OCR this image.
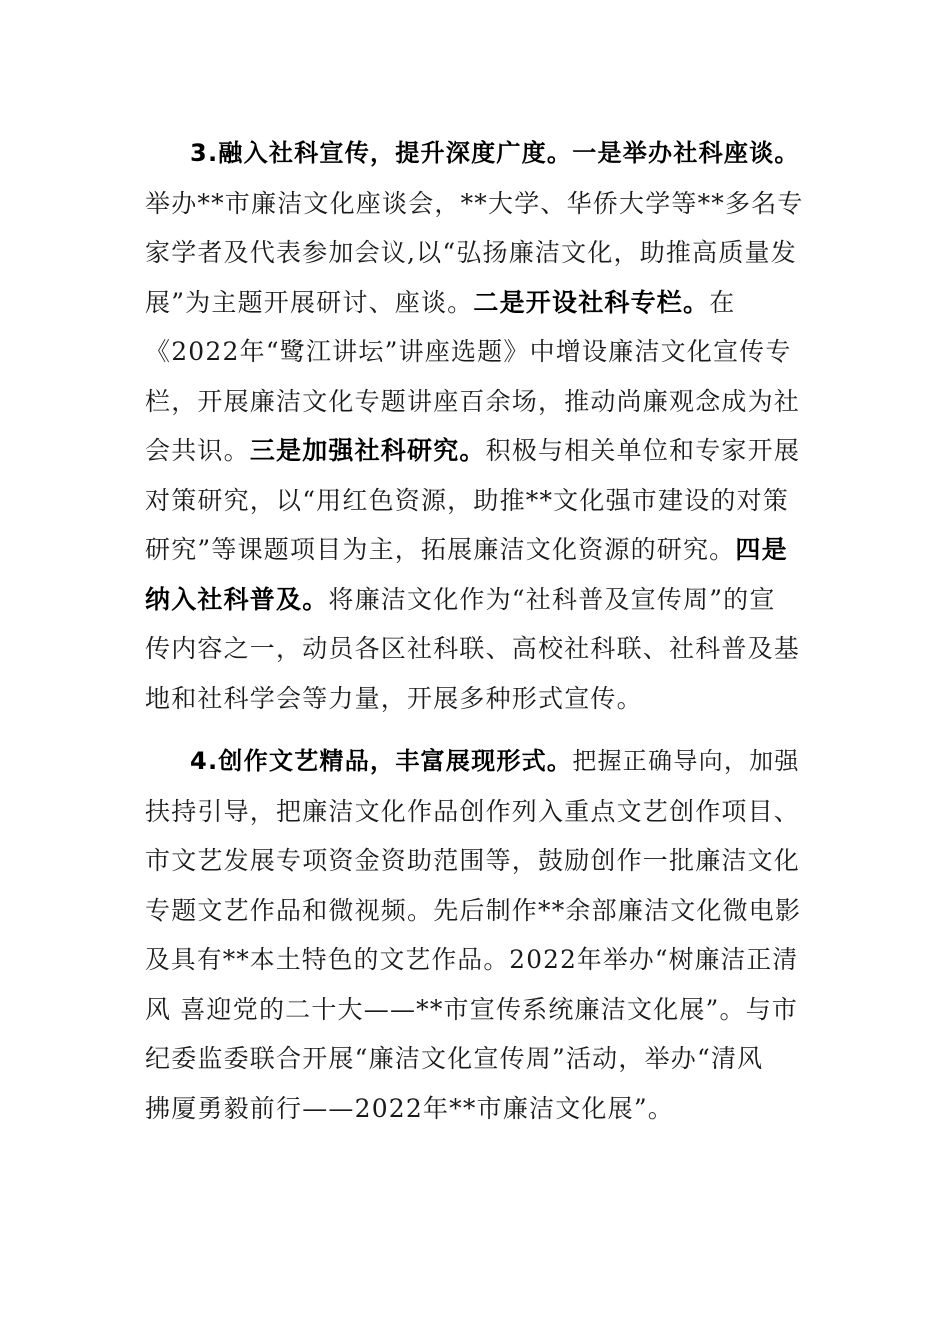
3.融入社科宣传，提升深度广度。一是举办社科座谈。
举办**市廉洁文化座谈会，**大学、华侨大学等**多名专
家学者及代表参加会议,以“弘扬廉洁文化，助推高质量发
展”为主题开展研讨、座谈。二是开设社科专栏。在
《2022年“鹭江讲坛”讲座选题》中增设廉洁文化宣传专
栏，开展廉洁文化专题讲座百余场，推动尚廉观念成为社
会共识。三是加强社科研究。积极与相关单位和专家开展
对策研究，以“用红色资源，助推**文化强市建设的对策
研究”等课题项目为主，拓展廉洁文化资源的研究。四是
纳入社科普及。将廉洁文化作为“社科普及宣传周”的宣
传内容之一，动员各区社科联、高校社科联、社科普及基
地和社科学会等力量，开展多种形式宣传。
4.创作文艺精品，丰富展现形式。把握正确导向，加强
扶持引导，把廉洁文化作品创作列入重点文艺创作项目、
市文艺发展专项资金资助范围等，鼓励创作一批廉洁文化
专题文艺作品和微视频。先后制作**余部廉洁文化微电影
及具有**本土特色的文艺作品。2022年举办“树廉洁正清
风 喜迎党的二十大——**市宣传系统廉洁文化展”。与市
纪委监委联合开展“廉洁文化宣传周”活动，举办“清风
拂厦勇毅前行——2022年**市廉洁文化展”。
